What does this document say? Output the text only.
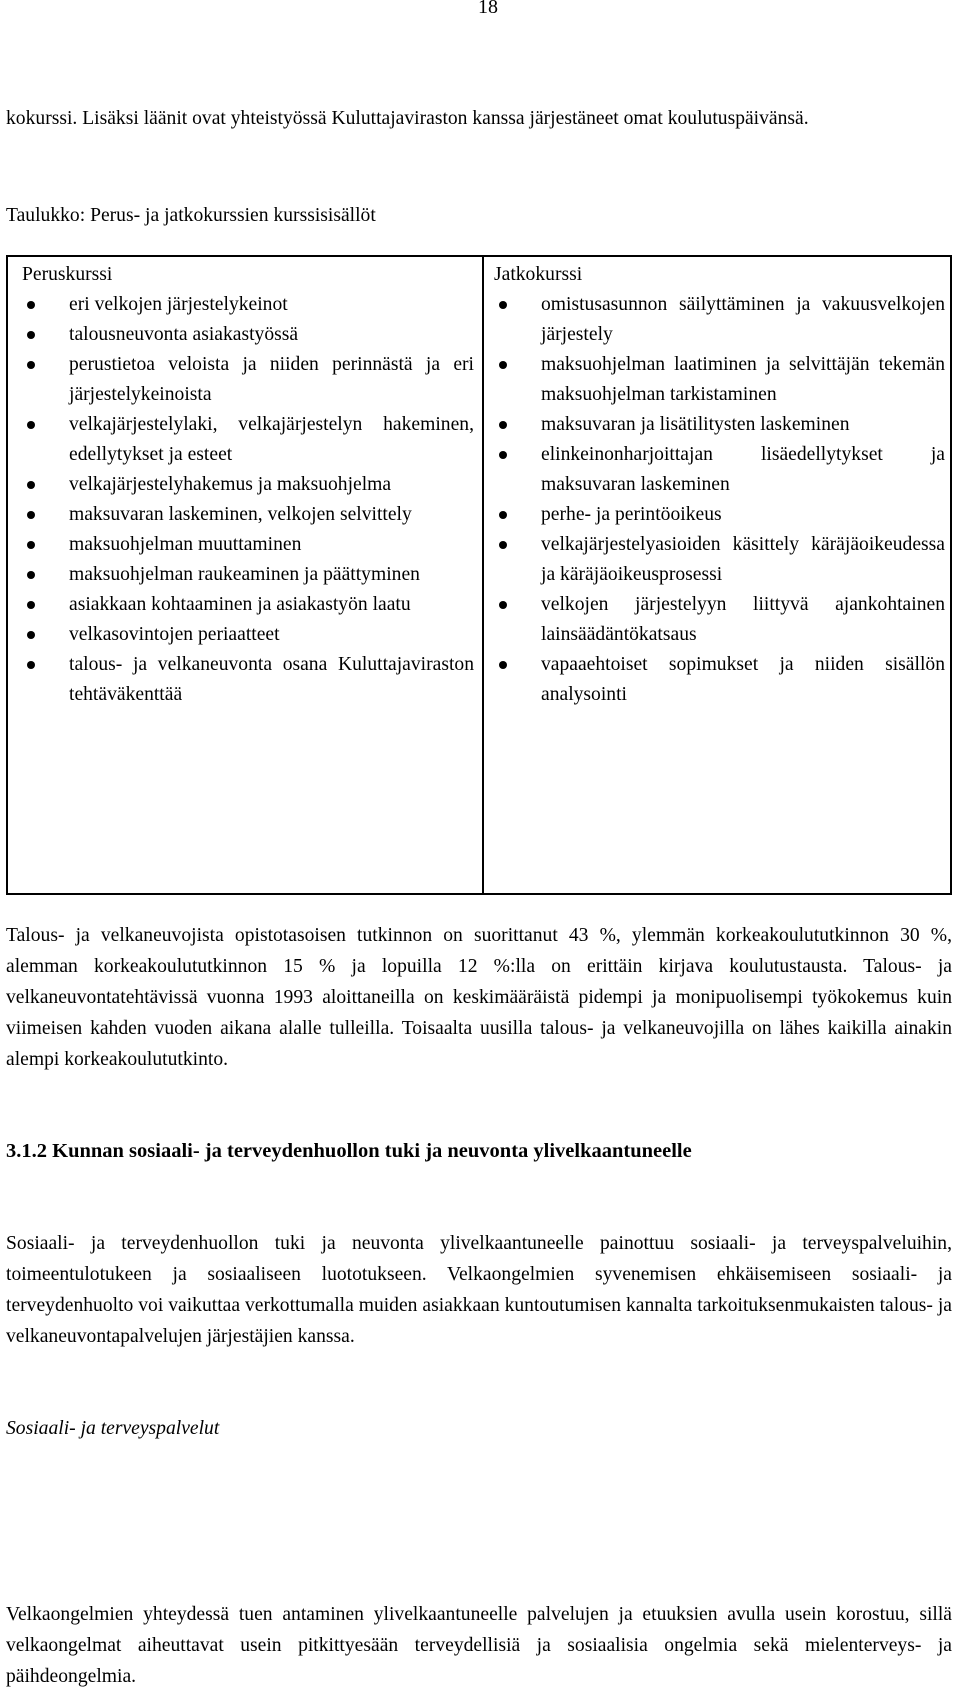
18

kokurssi. Lisäksi läänit ovat yhteistyössä Kuluttajaviraston kanssa järjestäneet omat koulutuspäivänsä.

Taulukko: Perus- ja jatkokurssien kurssisisällöt

Peruskurssi

eri velkojen järjestelykeinot
talousneuvonta asiakastyössä
perustietoa veloista ja niiden perinnästä ja eri järjestelykeinoista
velkajärjestelylaki, velkajärjestelyn hakeminen, edellytykset ja esteet
velkajärjestelyhakemus ja maksuohjelma
maksuvaran laskeminen, velkojen selvittely
maksuohjelman muuttaminen
maksuohjelman raukeaminen ja päättyminen
asiakkaan kohtaaminen ja asiakastyön laatu
velkasovintojen periaatteet
talous- ja velkaneuvonta osana Kuluttajaviraston tehtäväkenttää

Jatkokurssi

omistusasunnon säilyttäminen ja vakuusvelkojen järjestely
maksuohjelman laatiminen ja selvittäjän tekemän maksuohjelman tarkistaminen
maksuvaran ja lisätilitysten laskeminen
elinkeinonharjoittajan lisäedellytykset ja maksuvaran laskeminen
perhe- ja perintöoikeus
velkajärjestelyasioiden käsittely käräjäoikeudessa ja käräjäoikeusprosessi
velkojen järjestelyyn liittyvä ajankohtainen lainsäädäntökatsaus
vapaaehtoiset sopimukset ja niiden sisällön analysointi

Talous- ja velkaneuvojista opistotasoisen tutkinnon on suorittanut 43 %, ylemmän korkeakoulututkinnon 30 %, alemman korkeakoulututkinnon 15 % ja lopuilla 12 %:lla on erittäin kirjava koulutustausta. Talous- ja velkaneuvontatehtävissä vuonna 1993 aloittaneilla on keskimääräistä pidempi ja monipuolisempi työkokemus kuin viimeisen kahden vuoden aikana alalle tulleilla. Toisaalta uusilla talous- ja velkaneuvojilla on lähes kaikilla ainakin alempi korkeakoulututkinto.

3.1.2 Kunnan sosiaali- ja terveydenhuollon tuki ja neuvonta ylivelkaantuneelle

Sosiaali- ja terveydenhuollon tuki ja neuvonta ylivelkaantuneelle painottuu sosiaali- ja terveyspalveluihin, toimeentulotukeen ja sosiaaliseen luototukseen. Velkaongelmien syvenemisen ehkäisemiseen sosiaali- ja terveydenhuolto voi vaikuttaa verkottumalla muiden asiakkaan kuntoutumisen kannalta tarkoituksenmukaisten talous- ja velkaneuvontapalvelujen järjestäjien kanssa.

Sosiaali- ja terveyspalvelut

Velkaongelmien yhteydessä tuen antaminen ylivelkaantuneelle palvelujen ja etuuksien avulla usein korostuu, sillä velkaongelmat aiheuttavat usein pitkittyesään terveydellisiä ja sosiaalisia ongelmia sekä mielenterveys- ja päihdeongelmia.
